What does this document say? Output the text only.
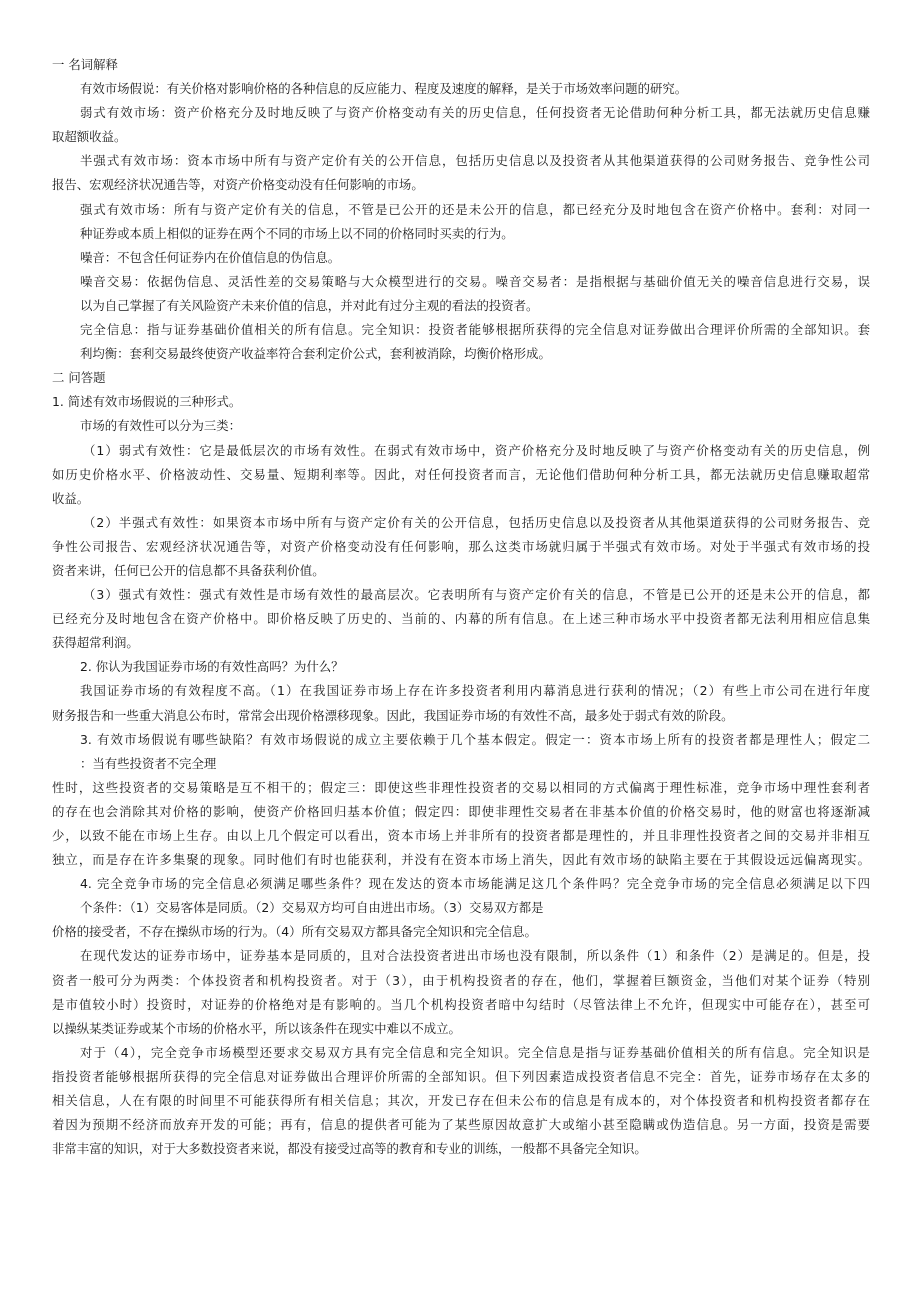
一 名词解释
有效市场假说：有关价格对影响价格的各种信息的反应能力、程度及速度的解释，是关于市场效率问题的研究。
弱式有效市场：资产价格充分及时地反映了与资产价格变动有关的历史信息，任何投资者无论借助何种分析工具，都无法就历史信息赚
取超额收益。
半强式有效市场：资本市场中所有与资产定价有关的公开信息，包括历史信息以及投资者从其他渠道获得的公司财务报告、竞争性公司
报告、宏观经济状况通告等，对资产价格变动没有任何影响的市场。
强式有效市场：所有与资产定价有关的信息，不管是已公开的还是未公开的信息，都已经充分及时地包含在资产价格中。套利：对同一
种证券或本质上相似的证券在两个不同的市场上以不同的价格同时买卖的行为。
噪音：不包含任何证券内在价值信息的伪信息。
噪音交易：依据伪信息、灵活性差的交易策略与大众模型进行的交易。噪音交易者：是指根据与基础价值无关的噪音信息进行交易，误
以为自己掌握了有关风险资产未来价值的信息，并对此有过分主观的看法的投资者。
完全信息：指与证券基础价值相关的所有信息。完全知识：投资者能够根据所获得的完全信息对证券做出合理评价所需的全部知识。套
利均衡：套利交易最终使资产收益率符合套利定价公式，套利被消除，均衡价格形成。
二 问答题
1. 简述有效市场假说的三种形式。
市场的有效性可以分为三类：
（1）弱式有效性：它是最低层次的市场有效性。在弱式有效市场中，资产价格充分及时地反映了与资产价格变动有关的历史信息，例
如历史价格水平、价格波动性、交易量、短期利率等。因此，对任何投资者而言，无论他们借助何种分析工具，都无法就历史信息赚取超常
收益。
（2）半强式有效性：如果资本市场中所有与资产定价有关的公开信息，包括历史信息以及投资者从其他渠道获得的公司财务报告、竞
争性公司报告、宏观经济状况通告等，对资产价格变动没有任何影响，那么这类市场就归属于半强式有效市场。对处于半强式有效市场的投
资者来讲，任何已公开的信息都不具备获利价值。
（3）强式有效性：强式有效性是市场有效性的最高层次。它表明所有与资产定价有关的信息，不管是已公开的还是未公开的信息，都
已经充分及时地包含在资产价格中。即价格反映了历史的、当前的、内幕的所有信息。在上述三种市场水平中投资者都无法利用相应信息集
获得超常利润。
2. 你认为我国证券市场的有效性高吗？为什么？
我国证券市场的有效程度不高。（1）在我国证券市场上存在许多投资者利用内幕消息进行获利的情况；（2）有些上市公司在进行年度
财务报告和一些重大消息公布时，常常会出现价格漂移现象。因此，我国证券市场的有效性不高，最多处于弱式有效的阶段。
3. 有效市场假说有哪些缺陷？有效市场假说的成立主要依赖于几个基本假定。假定一：资本市场上所有的投资者都是理性人；假定二
：当有些投资者不完全理
性时，这些投资者的交易策略是互不相干的；假定三：即使这些非理性投资者的交易以相同的方式偏离于理性标准，竞争市场中理性套利者
的存在也会消除其对价格的影响，使资产价格回归基本价值；假定四：即使非理性交易者在非基本价值的价格交易时，他的财富也将逐渐减
少，以致不能在市场上生存。由以上几个假定可以看出，资本市场上并非所有的投资者都是理性的，并且非理性投资者之间的交易并非相互
独立，而是存在许多集聚的现象。同时他们有时也能获利，并没有在资本市场上消失，因此有效市场的缺陷主要在于其假设远远偏离现实。
4. 完全竞争市场的完全信息必须满足哪些条件？现在发达的资本市场能满足这几个条件吗？完全竞争市场的完全信息必须满足以下四
个条件：（1）交易客体是同质。（2）交易双方均可自由进出市场。（3）交易双方都是
价格的接受者，不存在操纵市场的行为。（4）所有交易双方都具备完全知识和完全信息。
在现代发达的证券市场中，证券基本是同质的，且对合法投资者进出市场也没有限制，所以条件（1）和条件（2）是满足的。但是，投
资者一般可分为两类：个体投资者和机构投资者。对于（3），由于机构投资者的存在，他们，掌握着巨额资金，当他们对某个证券（特别
是市值较小时）投资时，对证券的价格绝对是有影响的。当几个机构投资者暗中勾结时（尽管法律上不允许，但现实中可能存在），甚至可
以操纵某类证券或某个市场的价格水平，所以该条件在现实中难以不成立。
对于（4），完全竞争市场模型还要求交易双方具有完全信息和完全知识。完全信息是指与证券基础价值相关的所有信息。完全知识是
指投资者能够根据所获得的完全信息对证券做出合理评价所需的全部知识。但下列因素造成投资者信息不完全：首先，证券市场存在太多的
相关信息，人在有限的时间里不可能获得所有相关信息；其次，开发已存在但未公布的信息是有成本的，对个体投资者和机构投资者都存在
着因为预期不经济而放弃开发的可能；再有，信息的提供者可能为了某些原因故意扩大或缩小甚至隐瞒或伪造信息。另一方面，投资是需要
非常丰富的知识，对于大多数投资者来说，都没有接受过高等的教育和专业的训练，一般都不具备完全知识。
